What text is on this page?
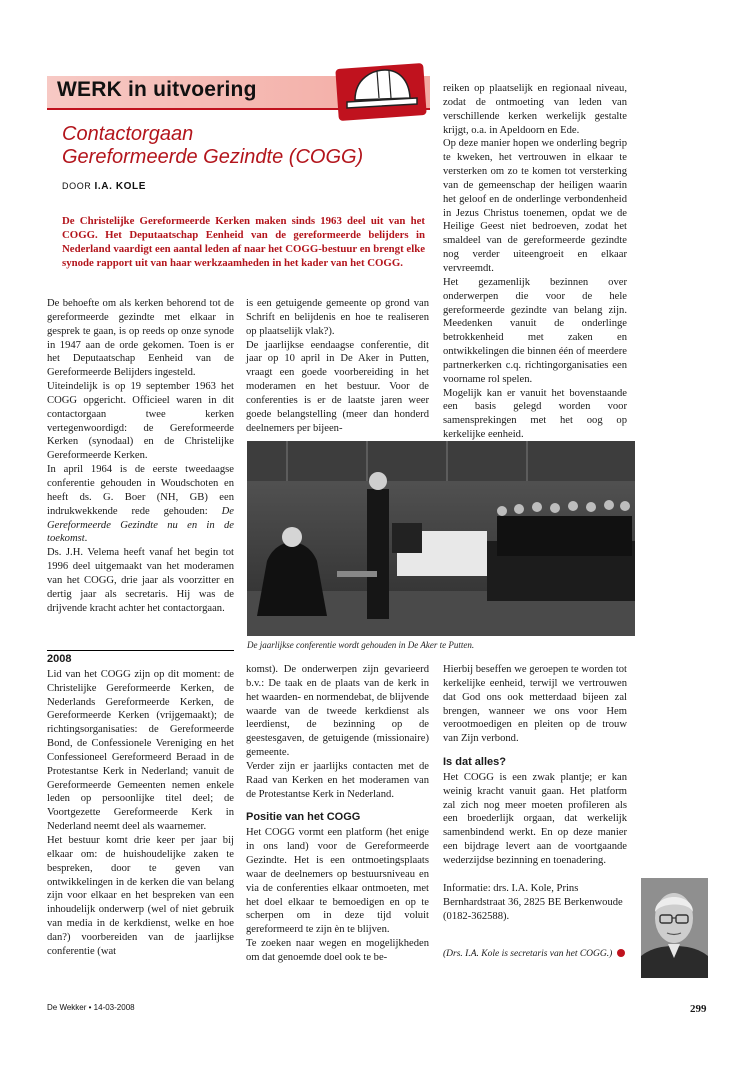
WERK in uitvoering
Contactorgaan
Gereformeerde Gezindte (COGG)
DOOR I.A. KOLE
De Christelijke Gereformeerde Kerken maken sinds 1963 deel uit van het COGG. Het Deputaatschap Eenheid van de gereformeerde belijders in Nederland vaardigt een aantal leden af naar het COGG-bestuur en brengt elke synode rapport uit van haar werkzaamheden in het kader van het COGG.

De behoefte om als kerken behorend tot de gereformeerde gezindte met elkaar in gesprek te gaan, is op reeds op onze synode in 1947 aan de orde gekomen. Toen is er het Deputaatschap Eenheid van de Gereformeerde Belijders ingesteld.

Uiteindelijk is op 19 september 1963 het COGG opgericht. Officieel waren in dit contactorgaan twee kerken vertegenwoordigd: de Gereformeerde Kerken (synodaal) en de Christelijke Gereformeerde Kerken.

In april 1964 is de eerste tweedaagse conferentie gehouden in Woudschoten en heeft ds. G. Boer (NH, GB) een indrukwekkende rede gehouden: De Gereformeerde Gezindte nu en in de toekomst.

Ds. J.H. Velema heeft vanaf het begin tot 1996 deel uitgemaakt van het moderamen van het COGG, drie jaar als voorzitter en dertig jaar als secretaris. Hij was de drijvende kracht achter het contactorgaan.

is een getuigende gemeente op grond van Schrift en belijdenis en hoe te realiseren op plaatselijk vlak?).

De jaarlijkse eendaagse conferentie, dit jaar op 10 april in De Aker in Putten, vraagt een goede voorbereiding in het moderamen en het bestuur. Voor de conferenties is er de laatste jaren weer goede belangstelling (meer dan honderd deelnemers per bijeen-

reiken op plaatselijk en regionaal niveau, zodat de ontmoeting van leden van verschillende kerken werkelijk gestalte krijgt, o.a. in Apeldoorn en Ede.

Op deze manier hopen we onderling begrip te kweken, het vertrouwen in elkaar te versterken om zo te komen tot versterking van de gemeenschap der heiligen waarin het geloof en de onderlinge verbondenheid in Jezus Christus toenemen, opdat we de Heilige Geest niet bedroeven, zodat het smaldeel van de gereformeerde gezindte nog verder uiteengroeit en elkaar vervreemdt.

Het gezamenlijk bezinnen over onderwerpen die voor de hele gereformeerde gezindte van belang zijn. Meedenken vanuit de onderlinge betrokkenheid met zaken en ontwikkelingen die binnen één of meerdere partnerkerken c.q. richtingorganisaties een voorname rol spelen.

Mogelijk kan er vanuit het bovenstaande een basis gelegd worden voor samensprekingen met het oog op kerkelijke eenheid.

De jaarlijkse conferentie wordt gehouden in De Aker te Putten.
2008

Lid van het COGG zijn op dit moment: de Christelijke Gereformeerde Kerken, de Nederlands Gereformeerde Kerken, de Gereformeerde Kerken (vrijgemaakt); de richtingsorganisaties: de Gereformeerde Bond, de Confessionele Vereniging en het Confessioneel Gereformeerd Beraad in de Protestantse Kerk in Nederland; vanuit de Gereformeerde Gemeenten nemen enkele leden op persoonlijke titel deel; de Voortgezette Gereformeerde Kerk in Nederland neemt deel als waarnemer.

Het bestuur komt drie keer per jaar bij elkaar om: de huishoudelijke zaken te bespreken, door te geven van ontwikkelingen in de kerken die van belang zijn voor elkaar en het bespreken van een inhoudelijk onderwerp (wel of niet gebruik van media in de kerkdienst, welke en hoe dan?) voorbereiden van de jaarlijkse conferentie (wat

komst). De onderwerpen zijn gevarieerd b.v.: De taak en de plaats van de kerk in het waarden- en normendebat, de blijvende waarde van de tweede kerkdienst als leerdienst, de bezinning op de geestesgaven, de getuigende (missionaire) gemeente.

Verder zijn er jaarlijks contacten met de Raad van Kerken en het moderamen van de Protestantse Kerk in Nederland.

Positie van het COGG

Het COGG vormt een platform (het enige in ons land) voor de Gereformeerde Gezindte. Het is een ontmoetingsplaats waar de deelnemers op bestuursniveau en via de conferenties elkaar ontmoeten, met het doel elkaar te bemoedigen en op te scherpen om in deze tijd voluit gereformeerd te zijn èn te blijven.

Te zoeken naar wegen en mogelijkheden om dat genoemde doel ook te be-

Hierbij beseffen we geroepen te worden tot kerkelijke eenheid, terwijl we vertrouwen dat God ons ook metterdaad bijeen zal brengen, wanneer we ons voor Hem verootmoedigen en pleiten op de trouw van Zijn verbond.

Is dat alles?

Het COGG is een zwak plantje; er kan weinig kracht vanuit gaan. Het platform zal zich nog meer moeten profileren als een broederlijk orgaan, dat werkelijk samenbindend werkt. En op deze manier een bijdrage levert aan de voortgaande wederzijdse bezinning en toenadering.

Informatie: drs. I.A. Kole, Prins Bernhardstraat 36, 2825 BE Berkenwoude (0182-362588).

(Drs. I.A. Kole is secretaris van het COGG.)

De Wekker • 14-03-2008	299
